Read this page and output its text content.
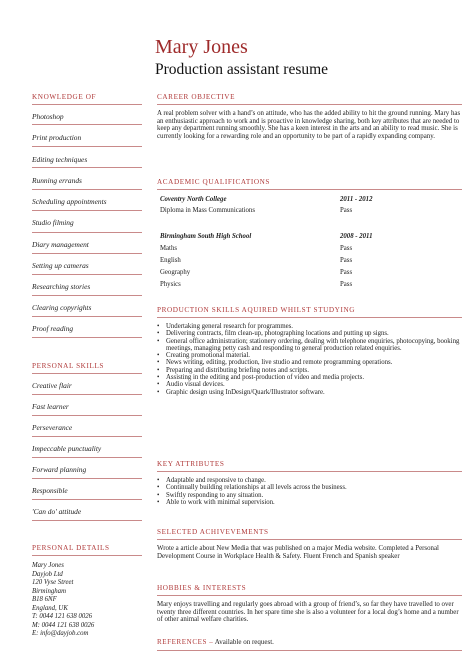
Mary Jones
Production assistant resume
KNOWLEDGE OF
Photoshop
Print production
Editing techniques
Running errands
Scheduling appointments
Studio filming
Diary management
Setting up cameras
Researching stories
Clearing copyrights
Proof reading
PERSONAL SKILLS
Creative flair
Fast learner
Perseverance
Impeccable punctuality
Forward planning
Responsible
'Can do' attitude
PERSONAL DETAILS
Mary Jones
Dayjob Ltd
120 Vyse Street
Birmingham
B18 6NF
England, UK
T: 0044 121 638 0026
M: 0044 121 638 0026
E: info@dayjob.com
CAREER OBJECTIVE
A real problem solver with a hand’s on attitude, who has the added ability to hit the ground running. Mary has an enthusiastic approach to work and is proactive in knowledge sharing, both key attributes that are needed to keep any department running smoothly. She has a keen interest in the arts and an ability to read music. She is currently looking for a rewarding role and an opportunity to be part of a rapidly expanding company.
ACADEMIC QUALIFICATIONS
Coventry North College	2011 - 2012
Diploma in Mass Communications	Pass
Birmingham South High School	2008 - 2011
Maths	Pass
English	Pass
Geography	Pass
Physics	Pass
PRODUCTION SKILLS AQUIRED WHILST STUDYING
• Undertaking general research for programmes.
• Delivering contracts, film clean-up, photographing locations and putting up signs.
• General office administration; stationery ordering, dealing with telephone enquiries, photocopying, booking meetings, managing petty cash and responding to general production related enquiries.
• Creating promotional material.
• News writing, editing, production, live studio and remote programming operations.
• Preparing and distributing briefing notes and scripts.
• Assisting in the editing and post-production of video and media projects.
• Audio visual devices.
• Graphic design using InDesign/Quark/Illustrator software.
KEY ATTRIBUTES
• Adaptable and responsive to change.
• Continually building relationships at all levels across the business.
• Swiftly responding to any situation.
• Able to work with minimal supervision.
SELECTED ACHIVEVEMENTS
Wrote a article about New Media that was published on a major Media website. Completed a Personal Development Course in Workplace Health & Safety. Fluent French and Spanish speaker
HOBBIES & INTERESTS
Mary enjoys travelling and regularly goes abroad with a group of friend’s, so far they have travelled to over twenty three different countries. In her spare time she is also a volunteer for a local dog’s home and a number of other animal welfare charities.
REFERENCES – Available on request.
